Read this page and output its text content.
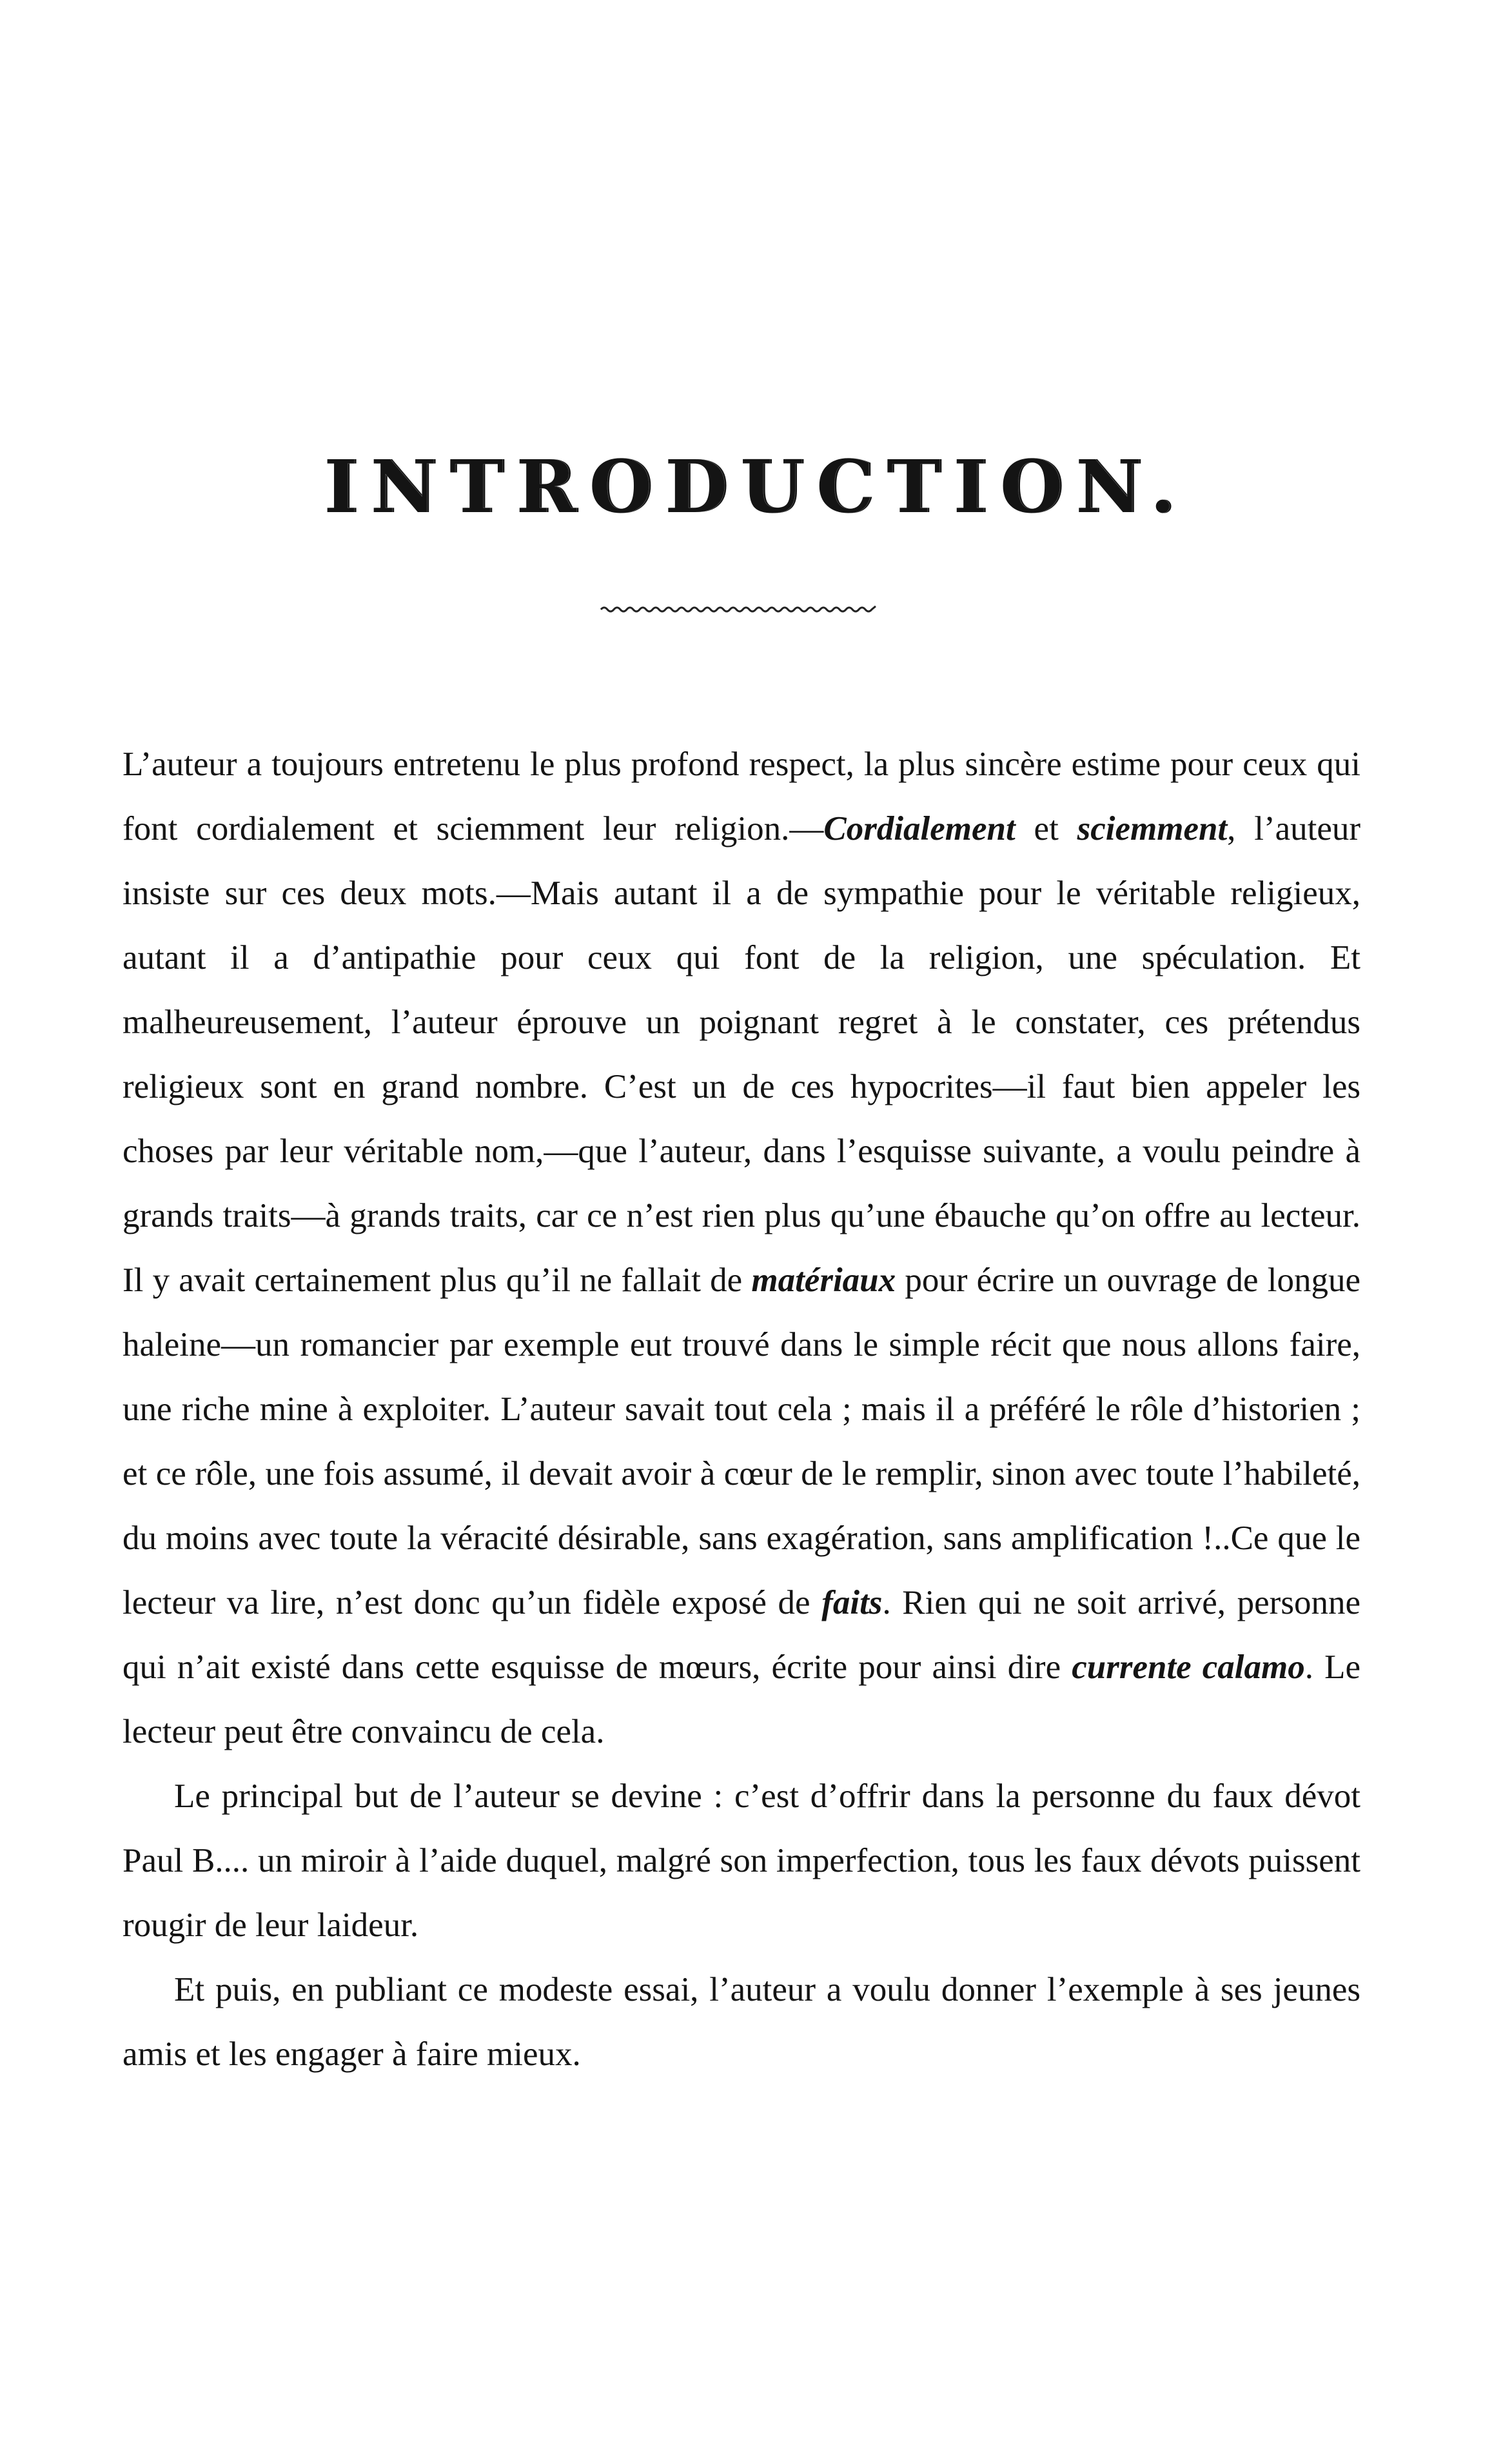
INTRODUCTION.

L’auteur a toujours entretenu le plus profond respect, la plus sincère estime pour ceux qui font cordialement et sciemment leur religion.—Cordialement et sciemment, l’auteur insiste sur ces deux mots.—Mais autant il a de sympathie pour le véritable religieux, autant il a d’antipathie pour ceux qui font de la religion, une spéculation. Et malheureusement, l’auteur éprouve un poignant regret à le constater, ces prétendus religieux sont en grand nombre. C’est un de ces hypocrites—il faut bien appeler les choses par leur véritable nom,—que l’auteur, dans l’esquisse suivante, a voulu peindre à grands traits—à grands traits, car ce n’est rien plus qu’une ébauche qu’on offre au lecteur. Il y avait certainement plus qu’il ne fallait de matériaux pour écrire un ouvrage de longue haleine—un romancier par exemple eut trouvé dans le simple récit que nous allons faire, une riche mine à exploiter. L’auteur savait tout cela ; mais il a préféré le rôle d’historien ; et ce rôle, une fois assumé, il devait avoir à cœur de le remplir, sinon avec toute l’habileté, du moins avec toute la véracité désirable, sans exagération, sans amplification !..Ce que le lecteur va lire, n’est donc qu’un fidèle exposé de faits. Rien qui ne soit arrivé, personne qui n’ait existé dans cette esquisse de mœurs, écrite pour ainsi dire currente calamo. Le lecteur peut être convaincu de cela.

Le principal but de l’auteur se devine : c’est d’offrir dans la personne du faux dévot Paul B.... un miroir à l’aide duquel, malgré son imperfection, tous les faux dévots puissent rougir de leur laideur.

Et puis, en publiant ce modeste essai, l’auteur a voulu donner l’exemple à ses jeunes amis et les engager à faire mieux.
